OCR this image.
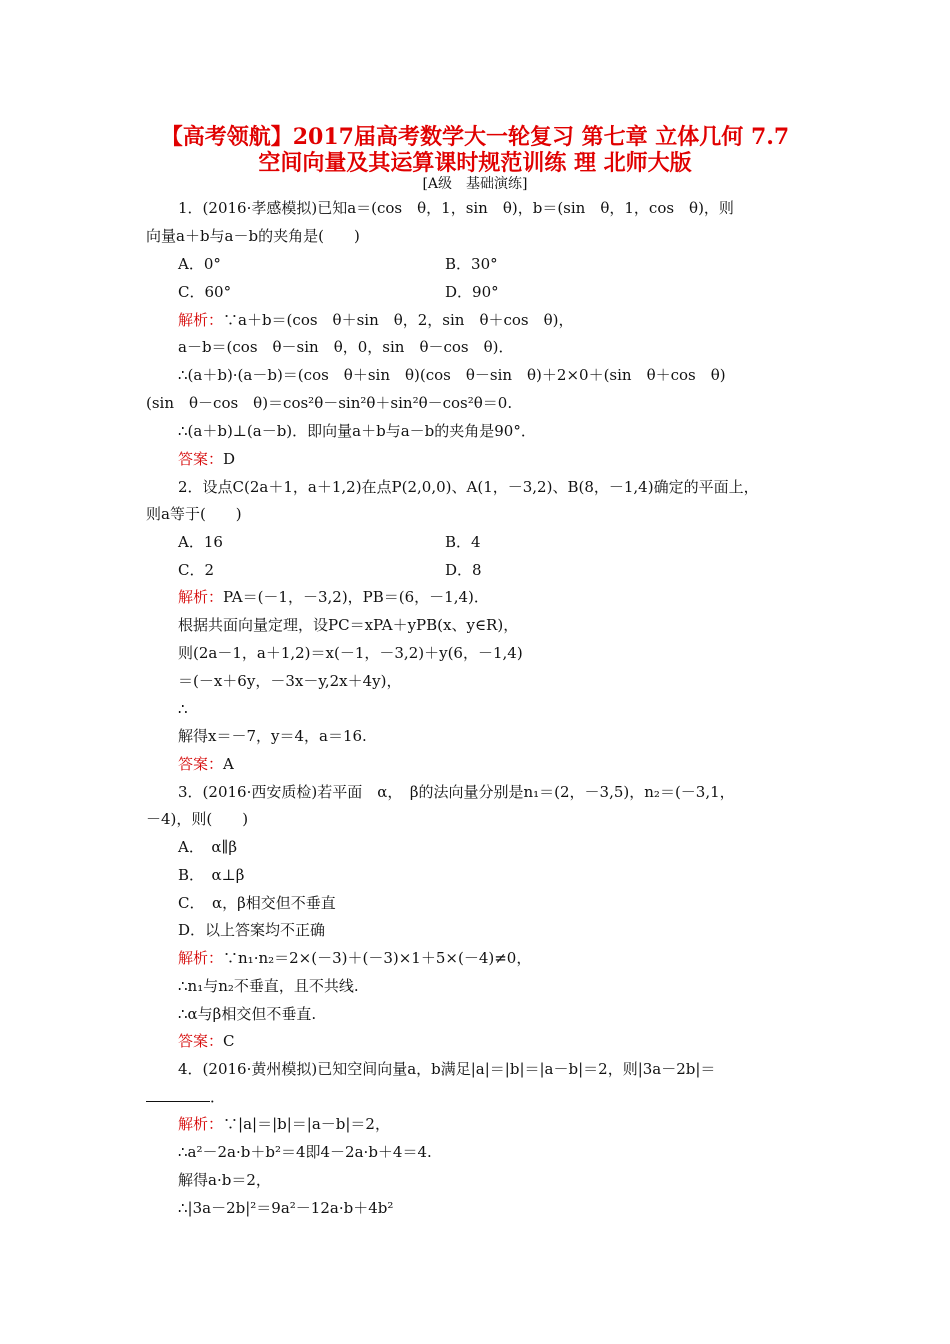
【高考领航】2017届高考数学大一轮复习 第七章 立体几何 7.7
空间向量及其运算课时规范训练 理 北师大版
[A级　基础演练]
1．(2016·孝感模拟)已知a＝(cos　θ，1，sin　θ)，b＝(sin　θ，1，cos　θ)，则
向量a＋b与a－b的夹角是(　　)
A．0°	B．30°
C．60°	D．90°
解析：∵a＋b＝(cos　θ＋sin　θ，2，sin　θ＋cos　θ)，
a－b＝(cos　θ－sin　θ，0，sin　θ－cos　θ)．
∴(a＋b)·(a－b)＝(cos　θ＋sin　θ)(cos　θ－sin　θ)＋2×0＋(sin　θ＋cos　θ)
(sin　θ－cos　θ)＝cos²θ－sin²θ＋sin²θ－cos²θ＝0.
∴(a＋b)⊥(a－b)．即向量a＋b与a－b的夹角是90°．
答案：D
2．设点C(2a＋1，a＋1,2)在点P(2,0,0)、A(1，－3,2)、B(8，－1,4)确定的平面上，
则a等于(　　)
A．16	B．4
C．2	D．8
解析：PA＝(－1，－3,2)，PB＝(6，－1,4)．
根据共面向量定理，设PC＝xPA＋yPB(x、y∈R)，
则(2a－1，a＋1,2)＝x(－1，－3,2)＋y(6，－1,4)
＝(－x＋6y，－3x－y,2x＋4y)，
∴
解得x＝－7，y＝4，a＝16.
答案：A
3．(2016·西安质检)若平面　α，　β的法向量分别是n₁＝(2，－3,5)，n₂＝(－3,1，
－4)，则(　　)
A．　α∥β
B．　α⊥β
C．　α，β相交但不垂直
D．以上答案均不正确
解析：∵n₁·n₂＝2×(－3)＋(－3)×1＋5×(－4)≠0，
∴n₁与n₂不垂直，且不共线.
∴α与β相交但不垂直.
答案：C
4．(2016·黄州模拟)已知空间向量a，b满足|a|＝|b|＝|a－b|＝2，则|3a－2b|＝
．
解析：∵|a|＝|b|＝|a－b|＝2，
∴a²－2a·b＋b²＝4即4－2a·b＋4＝4.
解得a·b＝2，
∴|3a－2b|²＝9a²－12a·b＋4b²
